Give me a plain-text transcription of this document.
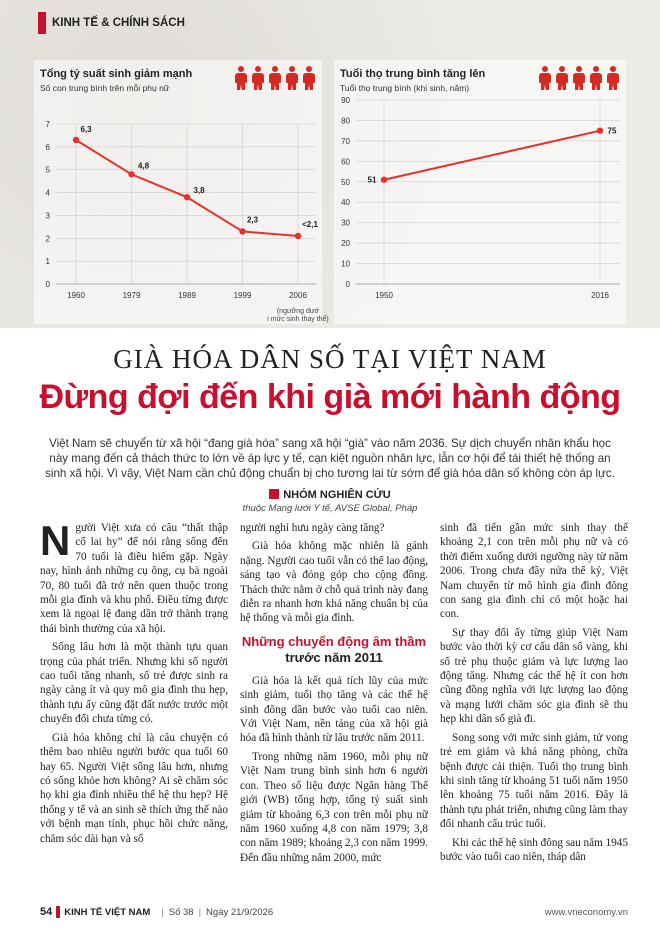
KINH TẾ & CHÍNH SÁCH
Tổng tỷ suất sinh giảm mạnh
Số con trung bình trên mỗi phụ nữ
0
1
2
3
4
5
6
7
1960	1979	1989	1999	2006
6,3
4,8
3,8
2,3
<2,1
(ngưỡng dướ
i mức sinh thay thế)
Tuổi thọ trung bình tăng lên
Tuổi thọ trung bình (khi sinh, năm)
0
10
20
30
40
50
60
70
80
90
1950	2016
51
75
GIÀ HÓA DÂN SỐ TẠI VIỆT NAM
Đừng đợi đến khi già mới hành động
Việt Nam sẽ chuyển từ xã hội “đang già hóa” sang xã hội “già” vào năm 2036. Sự dịch chuyển nhân khẩu học này mang đến cả thách thức to lớn về áp lực y tế, cạn kiệt nguồn nhân lực, lẫn cơ hội để tái thiết hệ thống an sinh xã hội. Vì vậy, Việt Nam cần chủ động chuẩn bị cho tương lai từ sớm để già hóa dân số không còn áp lực.
NHÓM NGHIÊN CỨU
thuộc Mạng lưới Y tế, AVSE Global, Pháp

Người Việt xưa có câu “thất thập cổ lai hy” để nói rằng sống đến 70 tuổi là điều hiếm gặp. Ngày nay, hình ảnh những cụ ông, cụ bà ngoài 70, 80 tuổi đã trở nên quen thuộc trong mỗi gia đình và khu phố. Điều từng được xem là ngoại lệ đang dần trở thành trạng thái bình thường của xã hội.

Sống lâu hơn là một thành tựu quan trọng của phát triển. Nhưng khi số người cao tuổi tăng nhanh, số trẻ được sinh ra ngày càng ít và quy mô gia đình thu hẹp, thành tựu ấy cũng đặt đất nước trước một chuyển đổi chưa từng có.

Già hóa không chỉ là câu chuyện có thêm bao nhiêu người bước qua tuổi 60 hay 65. Người Việt sống lâu hơn, nhưng có sống khỏe hơn không? Ai sẽ chăm sóc họ khi gia đình nhiều thế hệ thu hẹp? Hệ thống y tế và an sinh sẽ thích ứng thế nào với bệnh mạn tính, phục hồi chức năng, chăm sóc dài hạn và số

người nghỉ hưu ngày càng tăng?

Già hóa không mặc nhiên là gánh nặng. Người cao tuổi vẫn có thể lao động, sáng tạo và đóng góp cho cộng đồng. Thách thức nằm ở chỗ quá trình này đang diễn ra nhanh hơn khả năng chuẩn bị của hệ thống và mỗi gia đình.

Những chuyển động âm thầm
trước năm 2011

Già hóa là kết quả tích lũy của mức sinh giảm, tuổi thọ tăng và các thế hệ sinh đông dần bước vào tuổi cao niên. Với Việt Nam, nền tảng của xã hội già hóa đã hình thành từ lâu trước năm 2011.

Trong những năm 1960, mỗi phụ nữ Việt Nam trung bình sinh hơn 6 người con. Theo số liệu được Ngân hàng Thế giới (WB) tổng hợp, tổng tỷ suất sinh giảm từ khoảng 6,3 con trên mỗi phụ nữ năm 1960 xuống 4,8 con năm 1979; 3,8 con năm 1989; khoảng 2,3 con năm 1999. Đến đầu những năm 2000, mức

sinh đã tiến gần mức sinh thay thế khoảng 2,1 con trên mỗi phụ nữ và có thời điểm xuống dưới ngưỡng này từ năm 2006. Trong chưa đầy nửa thế kỷ, Việt Nam chuyển từ mô hình gia đình đông con sang gia đình chỉ có một hoặc hai con.

Sự thay đổi ấy từng giúp Việt Nam bước vào thời kỳ cơ cấu dân số vàng, khi số trẻ phụ thuộc giảm và lực lượng lao động tăng. Nhưng các thế hệ ít con hơn cũng đồng nghĩa với lực lượng lao động và mạng lưới chăm sóc gia đình sẽ thu hẹp khi dân số già đi.

Song song với mức sinh giảm, tử vong trẻ em giảm và khả năng phòng, chữa bệnh được cải thiện. Tuổi thọ trung bình khi sinh tăng từ khoảng 51 tuổi năm 1950 lên khoảng 75 tuổi năm 2016. Đây là thành tựu phát triển, nhưng cũng làm thay đổi nhanh cấu trúc tuổi.

Khi các thế hệ sinh đông sau năm 1945 bước vào tuổi cao niên, tháp dân

54 KINH TẾ VIỆT NAM | Số 38 | Ngày 21/9/2026	www.vneconomy.vn
